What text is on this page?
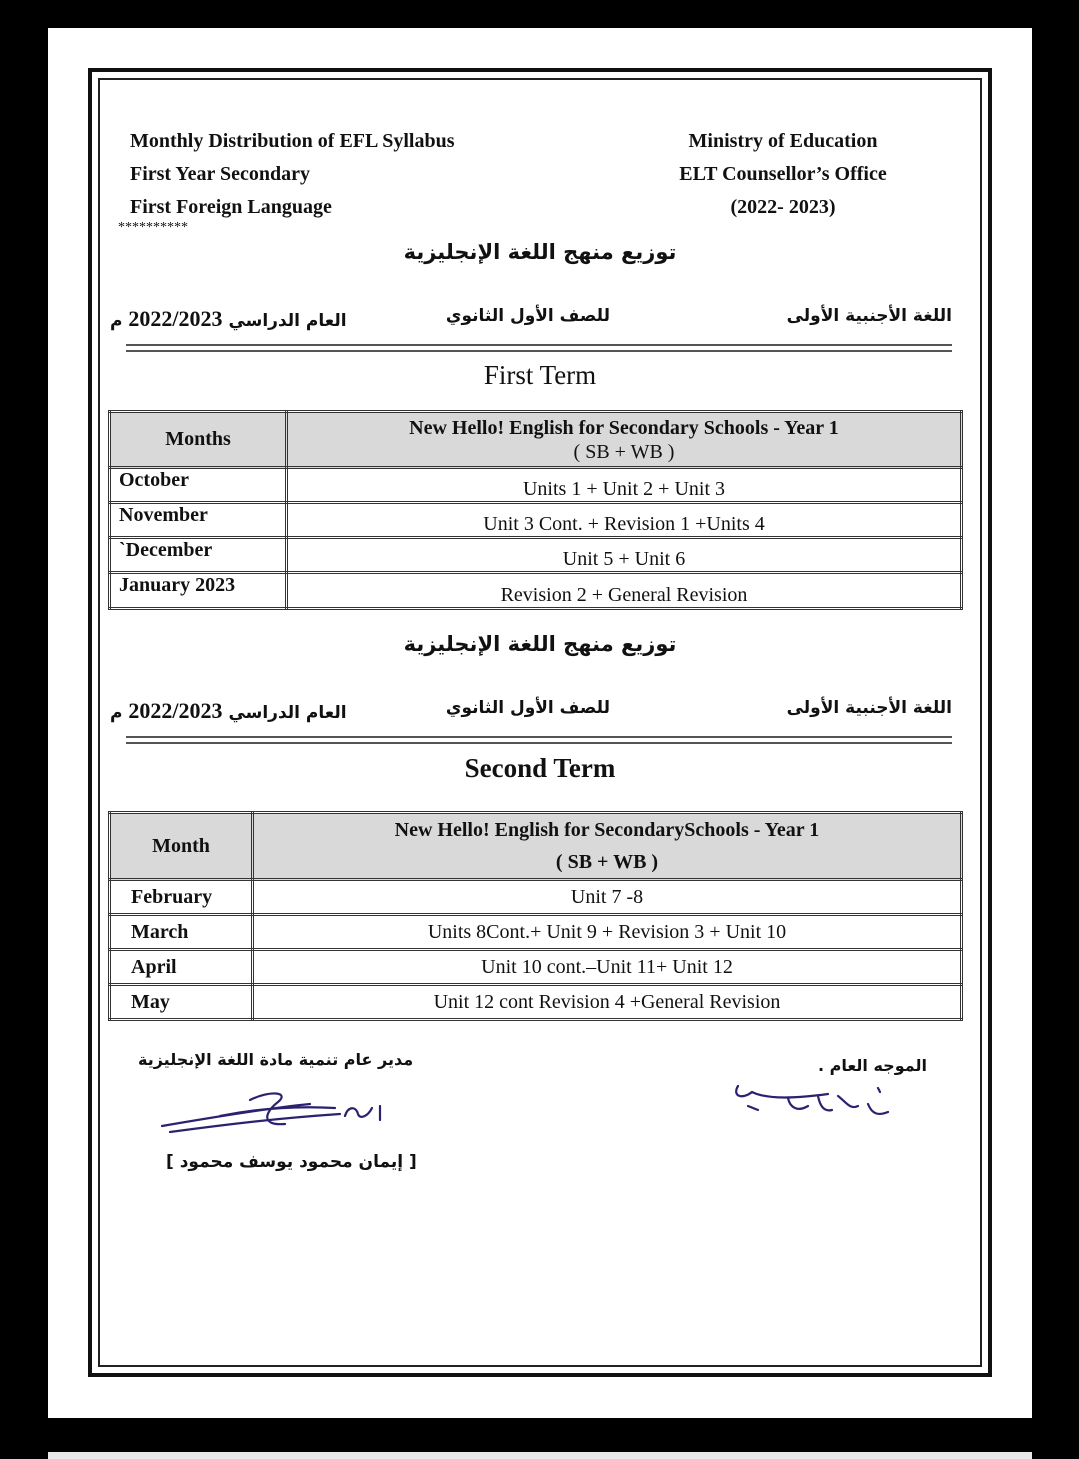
Monthly Distribution of EFL Syllabus
First Year Secondary
First Foreign Language
**********
Ministry of Education
ELT Counsellor’s Office
(2022- 2023)
توزيع منهج اللغة الإنجليزية
اللغة الأجنبية الأولى
للصف الأول الثانوي
العام الدراسي 2022/2023 م
First Term
Months	New Hello! English for Secondary Schools - Year 1
( SB + WB )

October	Units 1 + Unit 2 + Unit 3
November	Unit 3 Cont. + Revision 1 +Units 4
`December	Unit 5 + Unit 6
January 2023	Revision 2 + General Revision
توزيع منهج اللغة الإنجليزية
اللغة الأجنبية الأولى
للصف الأول الثانوي
العام الدراسي 2022/2023 م
Second Term
Month	New Hello! English for SecondarySchools - Year 1
( SB + WB )

February	Unit 7 -8
March	Units 8Cont.+ Unit 9 + Revision 3 + Unit 10
April	Unit 10 cont.–Unit 11+ Unit 12
May	Unit 12 cont Revision 4 +General Revision
مدير عام تنمية مادة اللغة الإنجليزية
[ إيمان محمود يوسف محمود ]
الموجه العام .
